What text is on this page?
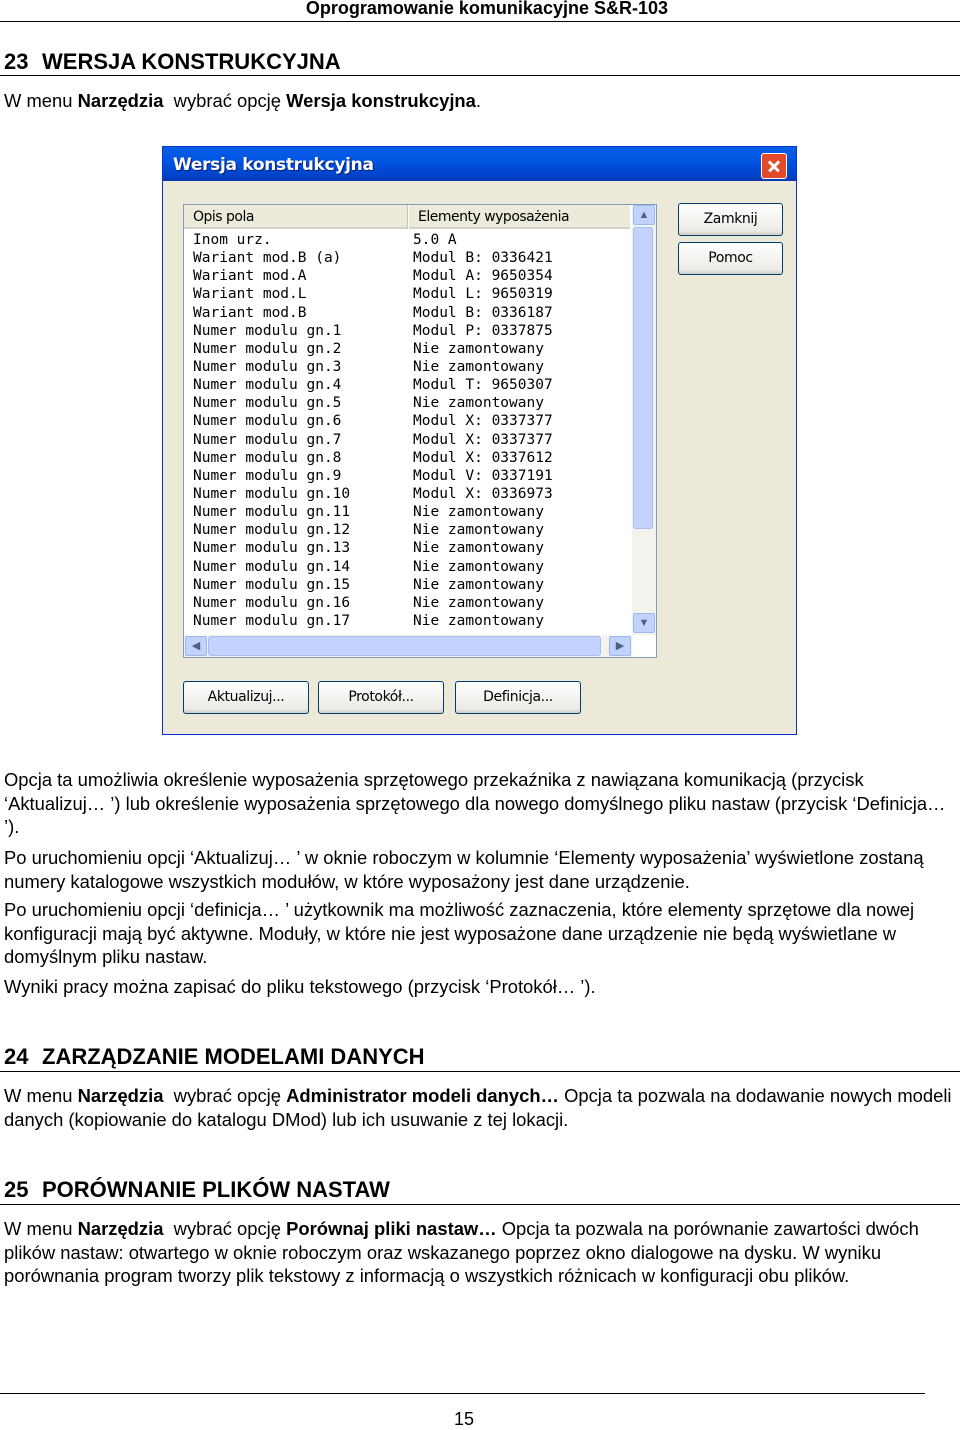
Oprogramowanie komunikacyjne S&R-103
23 WERSJA KONSTRUKCYJNA
W menu Narzędzia  wybrać opcję Wersja konstrukcyjna.
Wersja konstrukcyjna
Opis pola	Elementy wyposażenia
Inom urz.	5.0 A
Wariant mod.B (a)	Modul B: 0336421
Wariant mod.A	Modul A: 9650354
Wariant mod.L	Modul L: 9650319
Wariant mod.B	Modul B: 0336187
Numer modulu gn.1	Modul P: 0337875
Numer modulu gn.2	Nie zamontowany
Numer modulu gn.3	Nie zamontowany
Numer modulu gn.4	Modul T: 9650307
Numer modulu gn.5	Nie zamontowany
Numer modulu gn.6	Modul X: 0337377
Numer modulu gn.7	Modul X: 0337377
Numer modulu gn.8	Modul X: 0337612
Numer modulu gn.9	Modul V: 0337191
Numer modulu gn.10	Modul X: 0336973
Numer modulu gn.11	Nie zamontowany
Numer modulu gn.12	Nie zamontowany
Numer modulu gn.13	Nie zamontowany
Numer modulu gn.14	Nie zamontowany
Numer modulu gn.15	Nie zamontowany
Numer modulu gn.16	Nie zamontowany
Numer modulu gn.17	Nie zamontowany
▲
▼
◀	▶
Zamknij
Pomoc
Aktualizuj...	Protokół...	Definicja...
Opcja ta umożliwia określenie wyposażenia sprzętowego przekaźnika z nawiązana komunikacją (przycisk ‘Aktualizuj… ’) lub określenie wyposażenia sprzętowego dla nowego domyślnego pliku nastaw (przycisk ‘Definicja… ’).
Po uruchomieniu opcji ‘Aktualizuj… ’ w oknie roboczym w kolumnie ‘Elementy wyposażenia’ wyświetlone zostaną numery katalogowe wszystkich modułów, w które wyposażony jest dane urządzenie.
Po uruchomieniu opcji ‘definicja… ’ użytkownik ma możliwość zaznaczenia, które elementy sprzętowe dla nowej konfiguracji mają być aktywne. Moduły, w które nie jest wyposażone dane urządzenie nie będą wyświetlane w domyślnym pliku nastaw.
Wyniki pracy można zapisać do pliku tekstowego (przycisk ‘Protokół… ’).
24 ZARZĄDZANIE MODELAMI DANYCH
W menu Narzędzia  wybrać opcję Administrator modeli danych… Opcja ta pozwala na dodawanie nowych modeli danych (kopiowanie do katalogu DMod) lub ich usuwanie z tej lokacji.
25 PORÓWNANIE PLIKÓW NASTAW
W menu Narzędzia  wybrać opcję Porównaj pliki nastaw… Opcja ta pozwala na porównanie zawartości dwóch plików nastaw: otwartego w oknie roboczym oraz wskazanego poprzez okno dialogowe na dysku. W wyniku porównania program tworzy plik tekstowy z informacją o wszystkich różnicach w konfiguracji obu plików.
15
